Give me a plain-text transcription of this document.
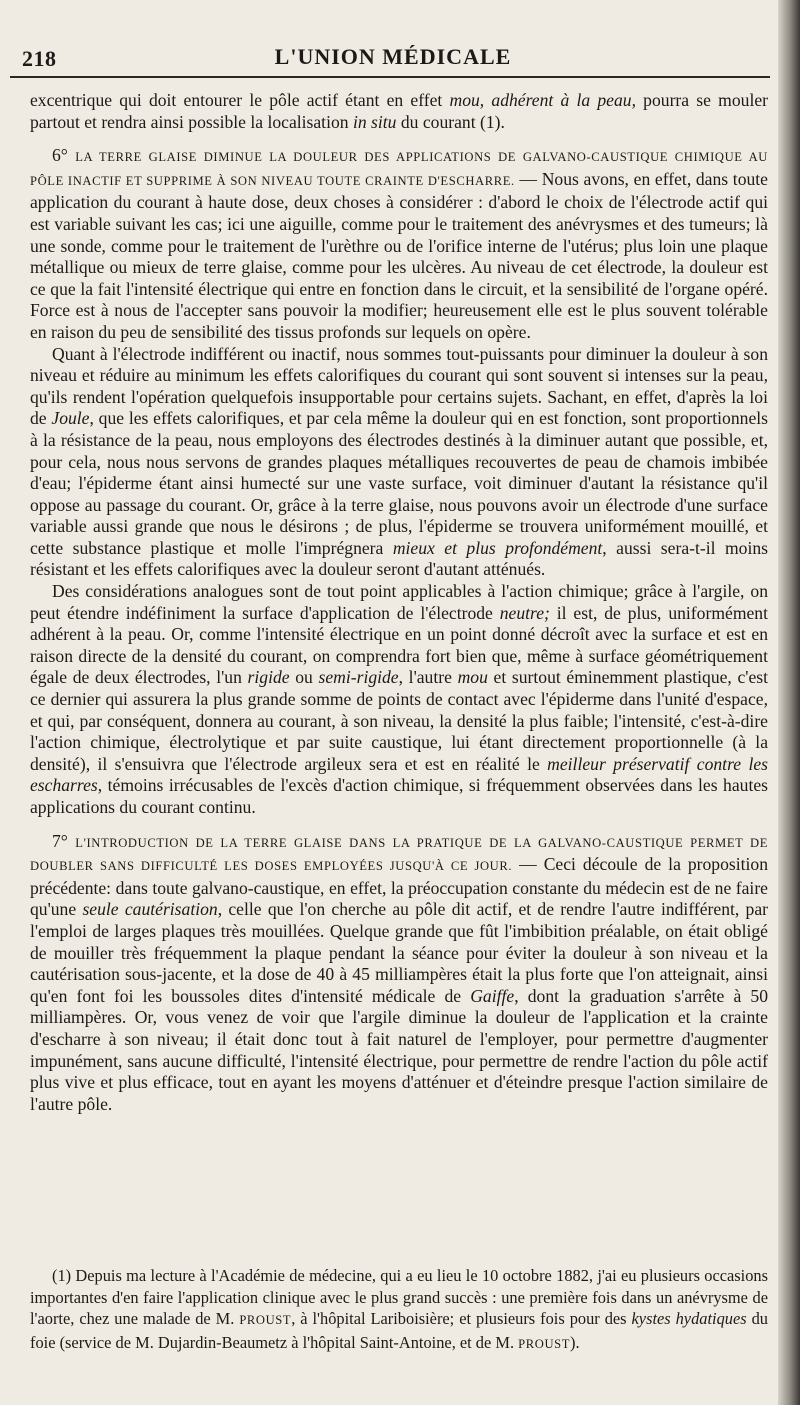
218	L'UNION MÉDICALE

excentrique qui doit entourer le pôle actif étant en effet mou, adhérent à la peau, pourra se mouler partout et rendra ainsi possible la localisation in situ du courant (1).

6° LA TERRE GLAISE DIMINUE LA DOULEUR DES APPLICATIONS DE GALVANO-CAUSTIQUE CHIMIQUE AU PÔLE INACTIF ET SUPPRIME À SON NIVEAU TOUTE CRAINTE D'ESCHARRE. — Nous avons, en effet, dans toute application du courant à haute dose, deux choses à considérer : d'abord le choix de l'électrode actif qui est variable suivant les cas; ici une aiguille, comme pour le traitement des anévrysmes et des tumeurs; là une sonde, comme pour le traitement de l'urèthre ou de l'orifice interne de l'utérus; plus loin une plaque métallique ou mieux de terre glaise, comme pour les ulcères. Au niveau de cet électrode, la douleur est ce que la fait l'intensité électrique qui entre en fonction dans le circuit, et la sensibilité de l'organe opéré. Force est à nous de l'accepter sans pouvoir la modifier; heureusement elle est le plus souvent tolérable en raison du peu de sensibilité des tissus profonds sur lequels on opère.

Quant à l'électrode indifférent ou inactif, nous sommes tout-puissants pour diminuer la douleur à son niveau et réduire au minimum les effets calorifiques du courant qui sont souvent si intenses sur la peau, qu'ils rendent l'opération quelquefois insupportable pour certains sujets. Sachant, en effet, d'après la loi de Joule, que les effets calorifiques, et par cela même la douleur qui en est fonction, sont proportionnels à la résistance de la peau, nous employons des électrodes destinés à la diminuer autant que possible, et, pour cela, nous nous servons de grandes plaques métalliques recouvertes de peau de chamois imbibée d'eau; l'épiderme étant ainsi humecté sur une vaste surface, voit diminuer d'autant la résistance qu'il oppose au passage du courant. Or, grâce à la terre glaise, nous pouvons avoir un électrode d'une surface variable aussi grande que nous le désirons ; de plus, l'épiderme se trouvera uniformément mouillé, et cette substance plastique et molle l'imprégnera mieux et plus profondément, aussi sera-t-il moins résistant et les effets calorifiques avec la douleur seront d'autant atténués.

Des considérations analogues sont de tout point applicables à l'action chimique; grâce à l'argile, on peut étendre indéfiniment la surface d'application de l'électrode neutre; il est, de plus, uniformément adhérent à la peau. Or, comme l'intensité électrique en un point donné décroît avec la surface et est en raison directe de la densité du courant, on comprendra fort bien que, même à surface géométriquement égale de deux électrodes, l'un rigide ou semi-rigide, l'autre mou et surtout éminemment plastique, c'est ce dernier qui assurera la plus grande somme de points de contact avec l'épiderme dans l'unité d'espace, et qui, par conséquent, donnera au courant, à son niveau, la densité la plus faible; l'intensité, c'est-à-dire l'action chimique, électrolytique et par suite caustique, lui étant directement proportionnelle (à la densité), il s'ensuivra que l'électrode argileux sera et est en réalité le meilleur préservatif contre les escharres, témoins irrécusables de l'excès d'action chimique, si fréquemment observées dans les hautes applications du courant continu.

7° L'INTRODUCTION DE LA TERRE GLAISE DANS LA PRATIQUE DE LA GALVANO-CAUSTIQUE PERMET DE DOUBLER SANS DIFFICULTÉ LES DOSES EMPLOYÉES JUSQU'À CE JOUR. — Ceci découle de la proposition précédente: dans toute galvano-caustique, en effet, la préoccupation constante du médecin est de ne faire qu'une seule cautérisation, celle que l'on cherche au pôle dit actif, et de rendre l'autre indifférent, par l'emploi de larges plaques très mouillées. Quelque grande que fût l'imbibition préalable, on était obligé de mouiller très fréquemment la plaque pendant la séance pour éviter la douleur à son niveau et la cautérisation sous-jacente, et la dose de 40 à 45 milliampères était la plus forte que l'on atteignait, ainsi qu'en font foi les boussoles dites d'intensité médicale de Gaiffe, dont la graduation s'arrête à 50 milliampères. Or, vous venez de voir que l'argile diminue la douleur de l'application et la crainte d'escharre à son niveau; il était donc tout à fait naturel de l'employer, pour permettre d'augmenter impunément, sans aucune difficulté, l'intensité électrique, pour permettre de rendre l'action du pôle actif plus vive et plus efficace, tout en ayant les moyens d'atténuer et d'éteindre presque l'action similaire de l'autre pôle.

(1) Depuis ma lecture à l'Académie de médecine, qui a eu lieu le 10 octobre 1882, j'ai eu plusieurs occasions importantes d'en faire l'application clinique avec le plus grand succès : une première fois dans un anévrysme de l'aorte, chez une malade de M. PROUST, à l'hôpital Lariboisière; et plusieurs fois pour des kystes hydatiques du foie (service de M. Dujardin-Beaumetz à l'hôpital Saint-Antoine, et de M. PROUST).
